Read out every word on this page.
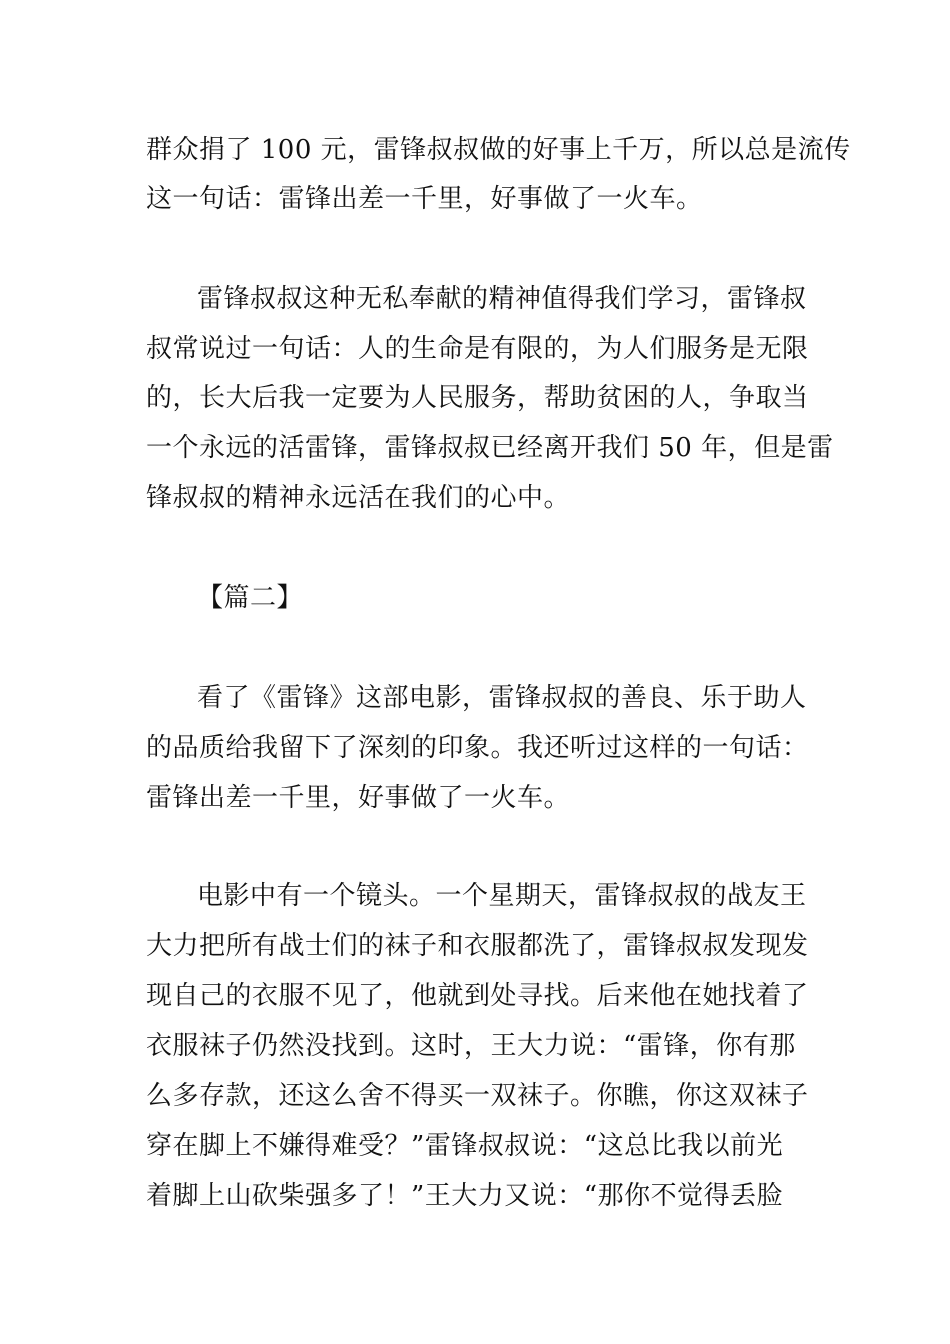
群众捐了 100 元，雷锋叔叔做的好事上千万，所以总是流传
这一句话：雷锋出差一千里，好事做了一火车。
雷锋叔叔这种无私奉献的精神值得我们学习，雷锋叔
叔常说过一句话：人的生命是有限的，为人们服务是无限
的，长大后我一定要为人民服务，帮助贫困的人，争取当
一个永远的活雷锋，雷锋叔叔已经离开我们 50 年，但是雷
锋叔叔的精神永远活在我们的心中。
【篇二】
看了《雷锋》这部电影，雷锋叔叔的善良、乐于助人
的品质给我留下了深刻的印象。我还听过这样的一句话：
雷锋出差一千里，好事做了一火车。
电影中有一个镜头。一个星期天，雷锋叔叔的战友王
大力把所有战士们的袜子和衣服都洗了，雷锋叔叔发现发
现自己的衣服不见了，他就到处寻找。后来他在她找着了
衣服袜子仍然没找到。这时，王大力说：“雷锋，你有那
么多存款，还这么舍不得买一双袜子。你瞧，你这双袜子
穿在脚上不嫌得难受？”雷锋叔叔说：“这总比我以前光
着脚上山砍柴强多了！”王大力又说：“那你不觉得丢脸
